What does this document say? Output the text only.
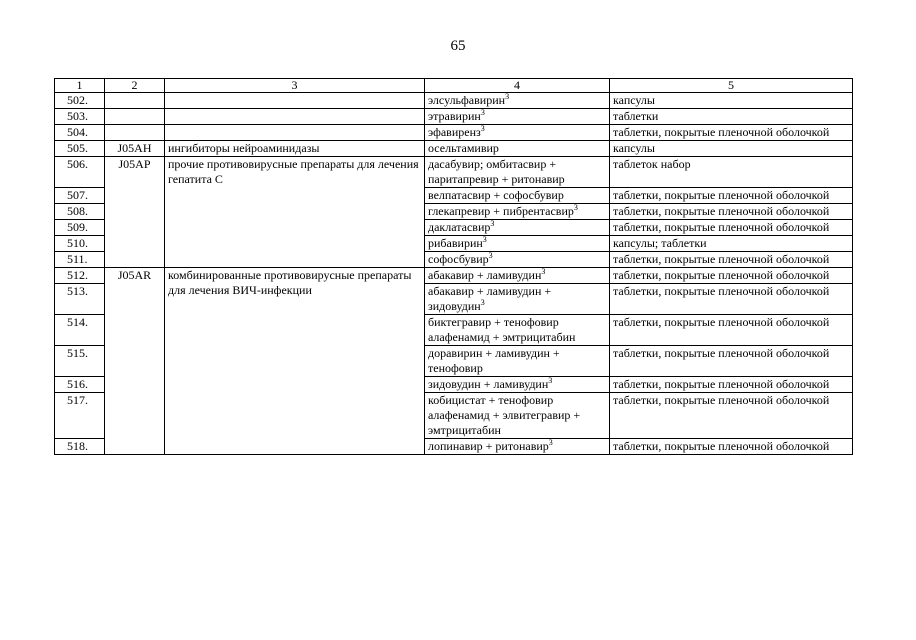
65
1	2	3	4	5
502.			элсульфавирин$^3$	капсулы
503.			этравирин$^3$	таблетки
504.			эфавиренз$^3$	таблетки, покрытые пленочной оболочкой
505.	J05AH	ингибиторы нейроаминидазы	осельтамивир	капсулы
506.	J05AP	прочие противовирусные препараты для лечения гепатита С	дасабувир; омбитасвир + паритапревир + ритонавир	таблеток набор
507.			велпатасвир + софосбувир	таблетки, покрытые пленочной оболочкой
508.			глекапревир + пибрентасвир$^3$	таблетки, покрытые пленочной оболочкой
509.			даклатасвир$^3$	таблетки, покрытые пленочной оболочкой
510.			рибавирин$^3$	капсулы; таблетки
511.			софосбувир$^3$	таблетки, покрытые пленочной оболочкой
512.	J05AR	комбинированные противовирусные препараты для лечения ВИЧ-инфекции	абакавир + ламивудин$^3$	таблетки, покрытые пленочной оболочкой
513.			абакавир + ламивудин + зидовудин$^3$	таблетки, покрытые пленочной оболочкой
514.			биктегравир + тенофовир алафенамид + эмтрицитабин	таблетки, покрытые пленочной оболочкой
515.			доравирин + ламивудин + тенофовир	таблетки, покрытые пленочной оболочкой
516.			зидовудин + ламивудин$^3$	таблетки, покрытые пленочной оболочкой
517.			кобицистат + тенофовир алафенамид + элвитегравир + эмтрицитабин	таблетки, покрытые пленочной оболочкой
518.			лопинавир + ритонавир$^3$	таблетки, покрытые пленочной оболочкой
